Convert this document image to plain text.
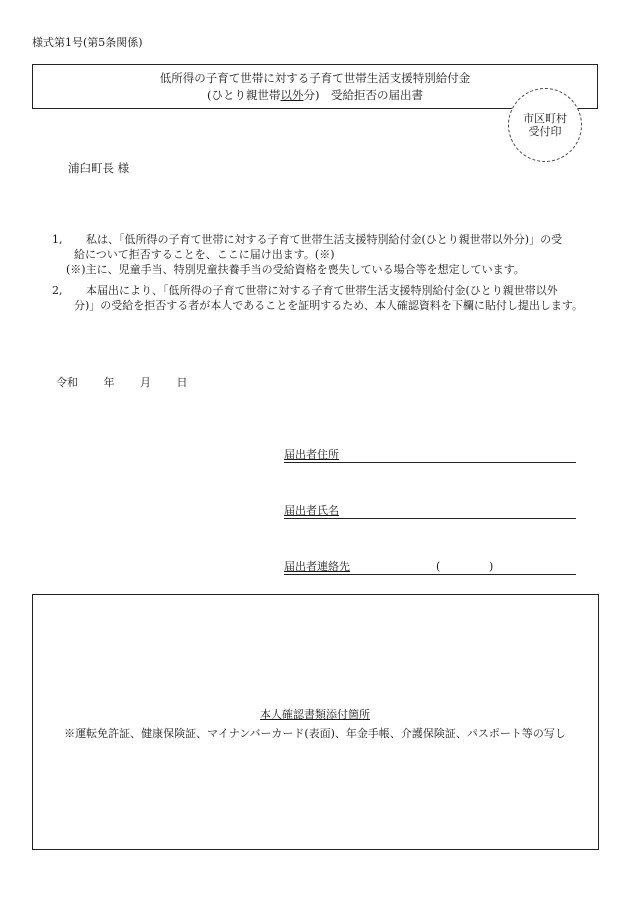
様式第1号(第5条関係)
低所得の子育て世帯に対する子育て世帯生活支援特別給付金
(ひとり親世帯以外分)　受給拒否の届出書
市区町村
受付印
浦臼町長 様
1,	私は、「低所得の子育て世帯に対する子育て世帯生活支援特別給付金(ひとり親世帯以外分)」の受
給について拒否することを、ここに届け出ます。(※)
(※)主に、児童手当、特別児童扶養手当の受給資格を喪失している場合等を想定しています。
2,	本届出により、「低所得の子育て世帯に対する子育て世帯生活支援特別給付金(ひとり親世帯以外
分)」の受給を拒否する者が本人であることを証明するため、本人確認資料を下欄に貼付し提出します。
令和 年 月 日
届出者住所
届出者氏名
届出者連絡先	(	)
本人確認書類添付箇所
※運転免許証、健康保険証、マイナンバーカード(表面)、年金手帳、介護保険証、パスポート等の写し
